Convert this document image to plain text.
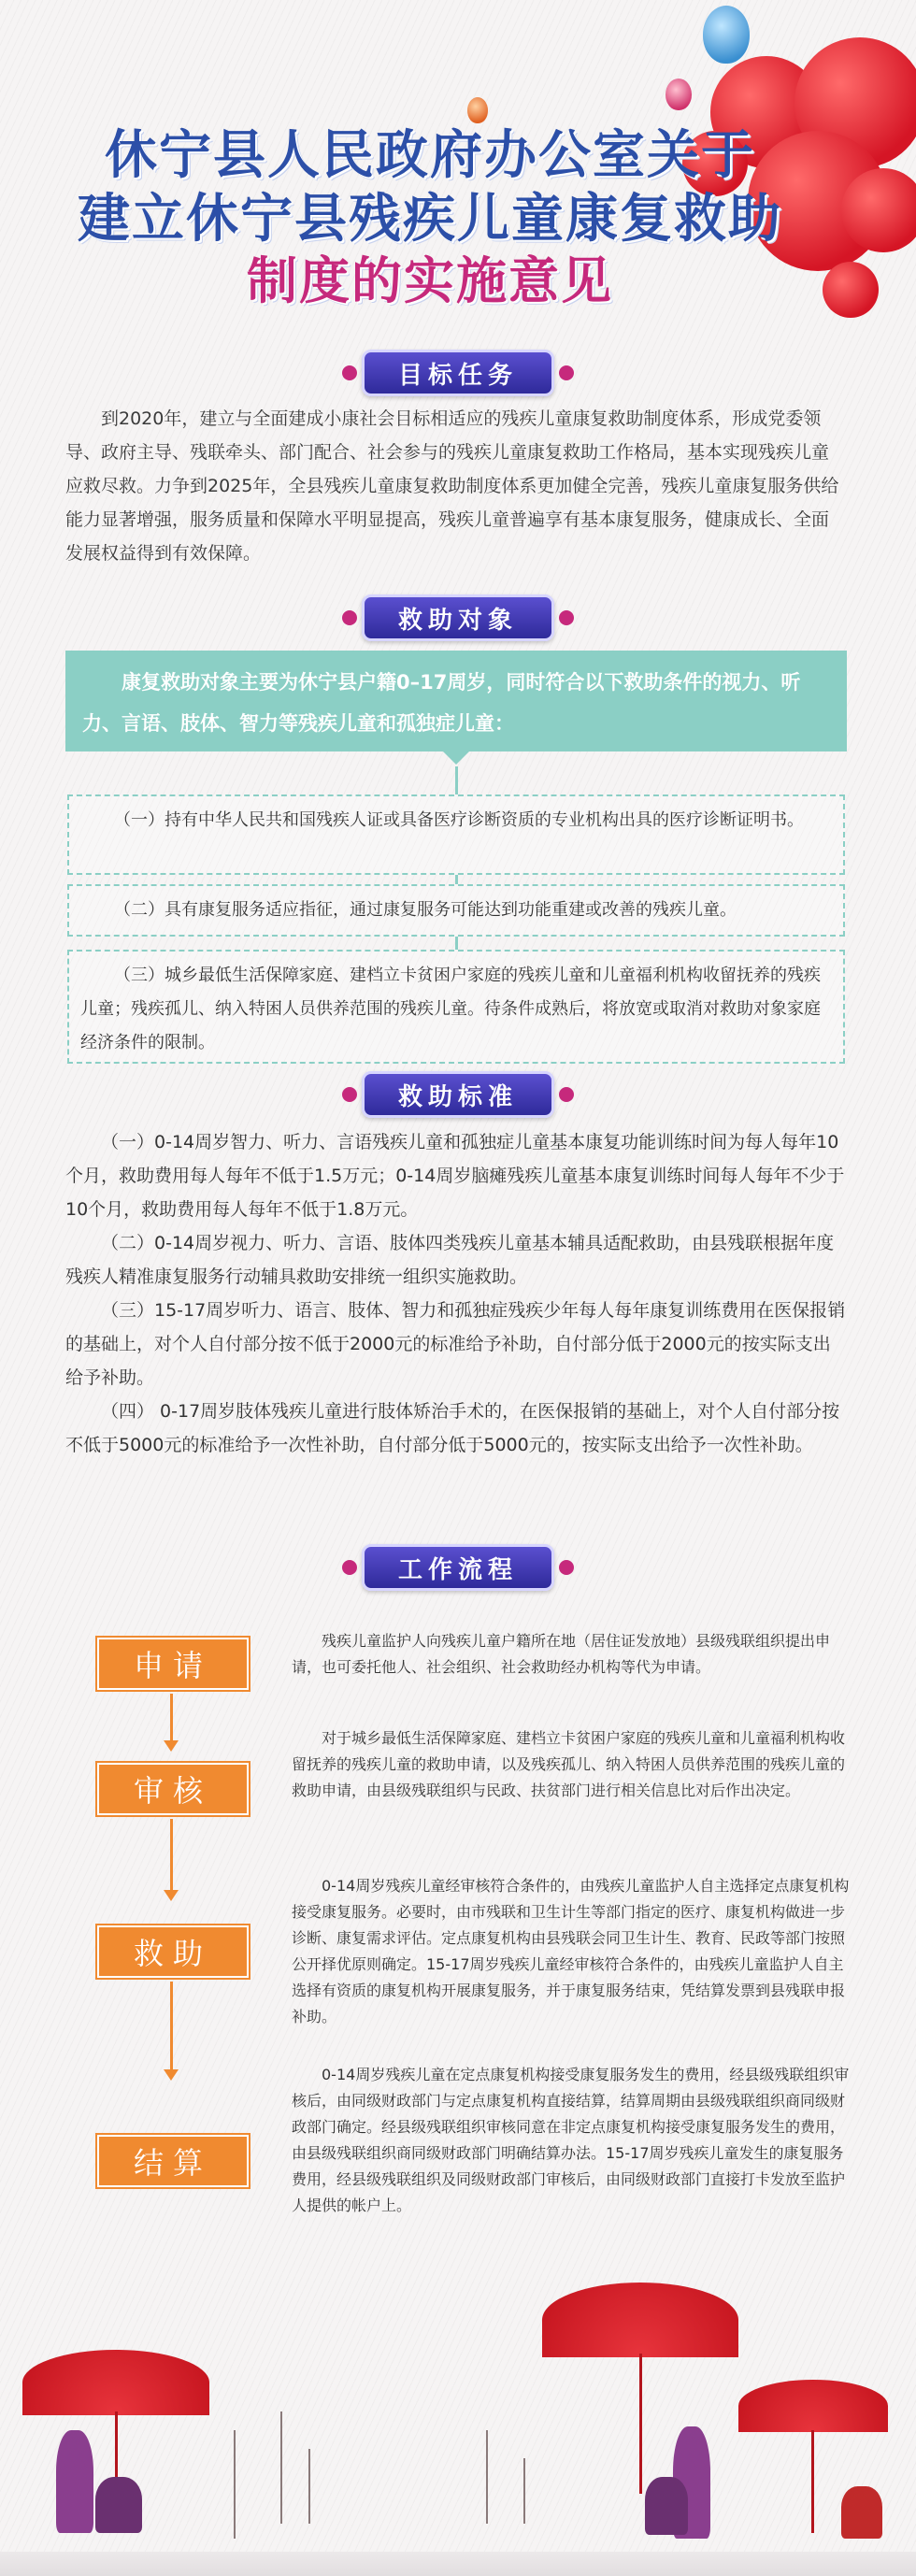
休宁县人民政府办公室关于
建立休宁县残疾儿童康复救助
制度的实施意见
目标任务
到2020年，建立与全面建成小康社会目标相适应的残疾儿童康复救助制度体系，形成党委领导、政府主导、残联牵头、部门配合、社会参与的残疾儿童康复救助工作格局，基本实现残疾儿童应救尽救。力争到2025年，全县残疾儿童康复救助制度体系更加健全完善，残疾儿童康复服务供给能力显著增强，服务质量和保障水平明显提高，残疾儿童普遍享有基本康复服务，健康成长、全面发展权益得到有效保障。
救助对象
康复救助对象主要为休宁县户籍0–17周岁，同时符合以下救助条件的视力、听力、言语、肢体、智力等残疾儿童和孤独症儿童：
（一）持有中华人民共和国残疾人证或具备医疗诊断资质的专业机构出具的医疗诊断证明书。
（二）具有康复服务适应指征，通过康复服务可能达到功能重建或改善的残疾儿童。
（三）城乡最低生活保障家庭、建档立卡贫困户家庭的残疾儿童和儿童福利机构收留抚养的残疾儿童；残疾孤儿、纳入特困人员供养范围的残疾儿童。待条件成熟后，将放宽或取消对救助对象家庭经济条件的限制。
救助标准
（一）0-14周岁智力、听力、言语残疾儿童和孤独症儿童基本康复功能训练时间为每人每年10个月，救助费用每人每年不低于1.5万元；0-14周岁脑瘫残疾儿童基本康复训练时间每人每年不少于10个月，救助费用每人每年不低于1.8万元。
（二）0-14周岁视力、听力、言语、肢体四类残疾儿童基本辅具适配救助，由县残联根据年度残疾人精准康复服务行动辅具救助安排统一组织实施救助。
（三）15-17周岁听力、语言、肢体、智力和孤独症残疾少年每人每年康复训练费用在医保报销的基础上，对个人自付部分按不低于2000元的标准给予补助，自付部分低于2000元的按实际支出给予补助。
（四） 0-17周岁肢体残疾儿童进行肢体矫治手术的，在医保报销的基础上，对个人自付部分按不低于5000元的标准给予一次性补助，自付部分低于5000元的，按实际支出给予一次性补助。
工作流程
申请
残疾儿童监护人向残疾儿童户籍所在地（居住证发放地）县级残联组织提出申请，也可委托他人、社会组织、社会救助经办机构等代为申请。
审核
对于城乡最低生活保障家庭、建档立卡贫困户家庭的残疾儿童和儿童福利机构收留抚养的残疾儿童的救助申请，以及残疾孤儿、纳入特困人员供养范围的残疾儿童的救助申请，由县级残联组织与民政、扶贫部门进行相关信息比对后作出决定。
救助
0-14周岁残疾儿童经审核符合条件的，由残疾儿童监护人自主选择定点康复机构接受康复服务。必要时，由市残联和卫生计生等部门指定的医疗、康复机构做进一步诊断、康复需求评估。定点康复机构由县残联会同卫生计生、教育、民政等部门按照公开择优原则确定。15-17周岁残疾儿童经审核符合条件的，由残疾儿童监护人自主选择有资质的康复机构开展康复服务，并于康复服务结束，凭结算发票到县残联申报补助。
结算
0-14周岁残疾儿童在定点康复机构接受康复服务发生的费用，经县级残联组织审核后，由同级财政部门与定点康复机构直接结算，结算周期由县级残联组织商同级财政部门确定。经县级残联组织审核同意在非定点康复机构接受康复服务发生的费用，由县级残联组织商同级财政部门明确结算办法。15-17周岁残疾儿童发生的康复服务费用，经县级残联组织及同级财政部门审核后，由同级财政部门直接打卡发放至监护人提供的帐户上。
